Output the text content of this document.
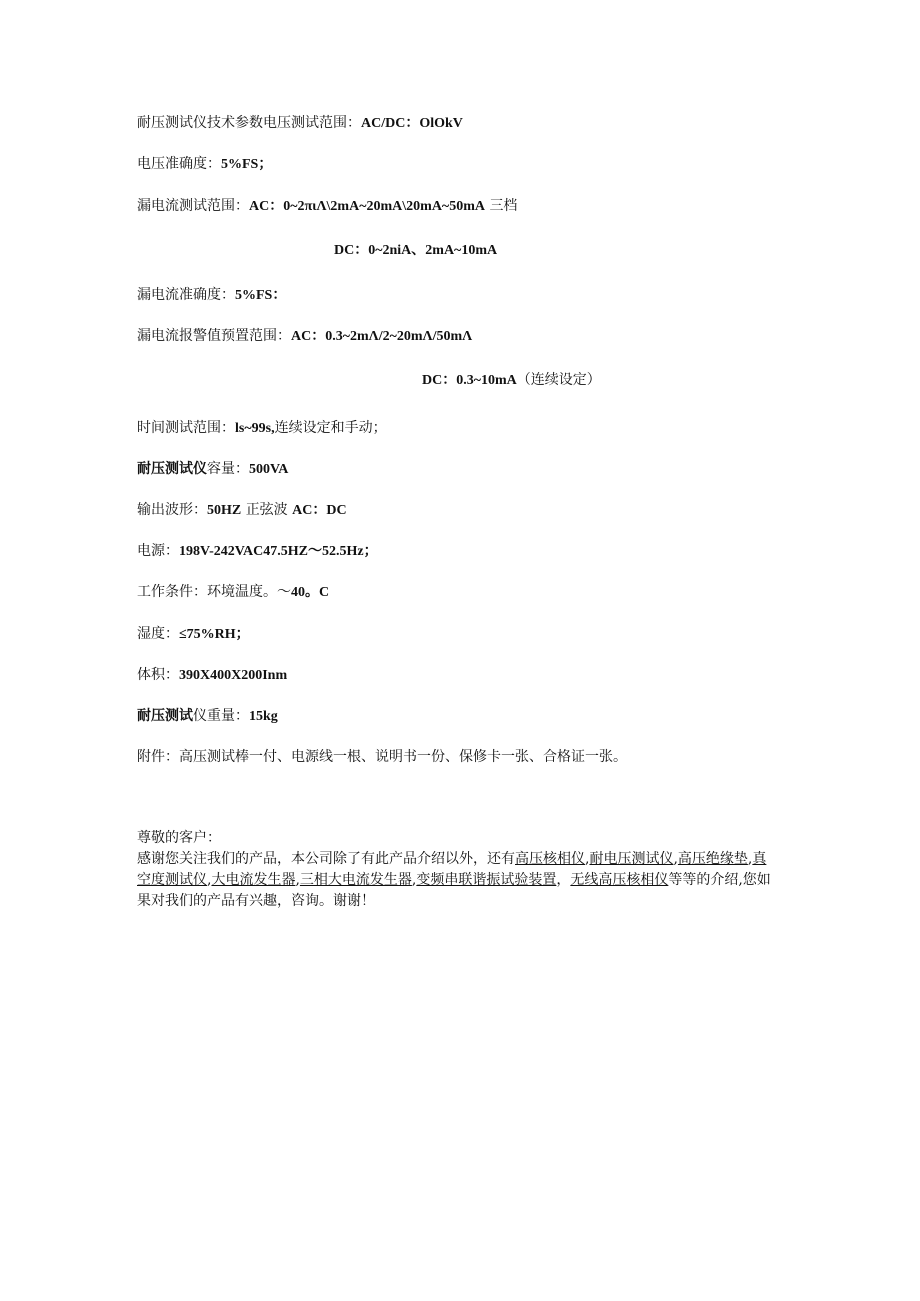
耐压测试仪技术参数电压测试范围：AC/DC：OlOkV
电压准确度：5%FS；
漏电流测试范围：AC：0~2πιΛ\2mA~20mA\20mA~50mA 三档
DC：0~2niA、2mA~10mA
漏电流准确度：5%FS：
漏电流报警值预置范围：AC：0.3~2mΛ/2~20mΛ/50mΛ
DC：0.3~10mA（连续设定）
时间测试范围：ls~99s,连续设定和手动；
耐压测试仪容量：500VA
输出波形：50HZ 正弦波 AC：DC
电源：198V-242VAC47.5HZ～52.5Hz；
工作条件：环境温度。～40。C
湿度：≤75%RH；
体积：390X400X200Inm
耐压测试仪重量：15kg
附件：高压测试棒一付、电源线一根、说明书一份、保修卡一张、合格证一张。
尊敬的客户：
感谢您关注我们的产品，本公司除了有此产品介绍以外，还有高压核相仪,耐电压测试仪,高压绝缘垫,真空度测试仪,大电流发生器,三相大电流发生器,变频串联谐振试验装置，无线高压核相仪等等的介绍,您如果对我们的产品有兴趣，咨询。谢谢！
